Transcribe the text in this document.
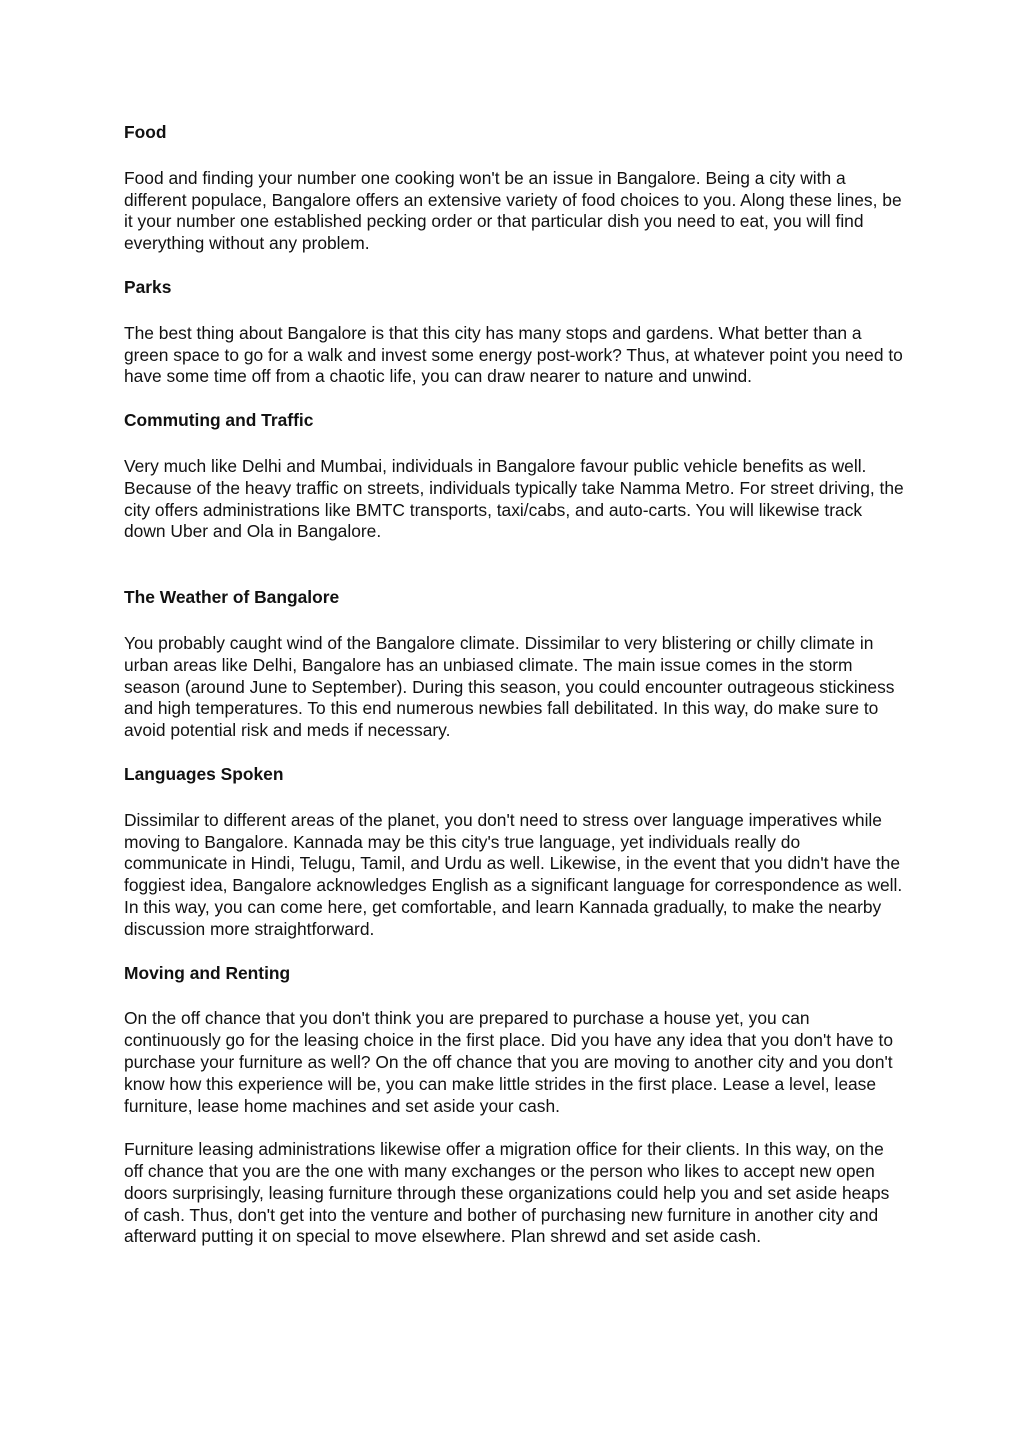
Food

Food and finding your number one cooking won't be an issue in Bangalore. Being a city with a different populace, Bangalore offers an extensive variety of food choices to you. Along these lines, be it your number one established pecking order or that particular dish you need to eat, you will find everything without any problem.

Parks

The best thing about Bangalore is that this city has many stops and gardens. What better than a green space to go for a walk and invest some energy post-work? Thus, at whatever point you need to have some time off from a chaotic life, you can draw nearer to nature and unwind.

Commuting and Traffic

Very much like Delhi and Mumbai, individuals in Bangalore favour public vehicle benefits as well. Because of the heavy traffic on streets, individuals typically take Namma Metro. For street driving, the city offers administrations like BMTC transports, taxi/cabs, and auto-carts. You will likewise track down Uber and Ola in Bangalore.

The Weather of Bangalore

You probably caught wind of the Bangalore climate. Dissimilar to very blistering or chilly climate in urban areas like Delhi, Bangalore has an unbiased climate. The main issue comes in the storm season (around June to September). During this season, you could encounter outrageous stickiness and high temperatures. To this end numerous newbies fall debilitated. In this way, do make sure to avoid potential risk and meds if necessary.

Languages Spoken

Dissimilar to different areas of the planet, you don't need to stress over language imperatives while moving to Bangalore. Kannada may be this city's true language, yet individuals really do communicate in Hindi, Telugu, Tamil, and Urdu as well. Likewise, in the event that you didn't have the foggiest idea, Bangalore acknowledges English as a significant language for correspondence as well. In this way, you can come here, get comfortable, and learn Kannada gradually, to make the nearby discussion more straightforward.

Moving and Renting

On the off chance that you don't think you are prepared to purchase a house yet, you can continuously go for the leasing choice in the first place. Did you have any idea that you don't have to purchase your furniture as well? On the off chance that you are moving to another city and you don't know how this experience will be, you can make little strides in the first place. Lease a level, lease furniture, lease home machines and set aside your cash.

Furniture leasing administrations likewise offer a migration office for their clients. In this way, on the off chance that you are the one with many exchanges or the person who likes to accept new open doors surprisingly, leasing furniture through these organizations could help you and set aside heaps of cash. Thus, don't get into the venture and bother of purchasing new furniture in another city and afterward putting it on special to move elsewhere. Plan shrewd and set aside cash.
